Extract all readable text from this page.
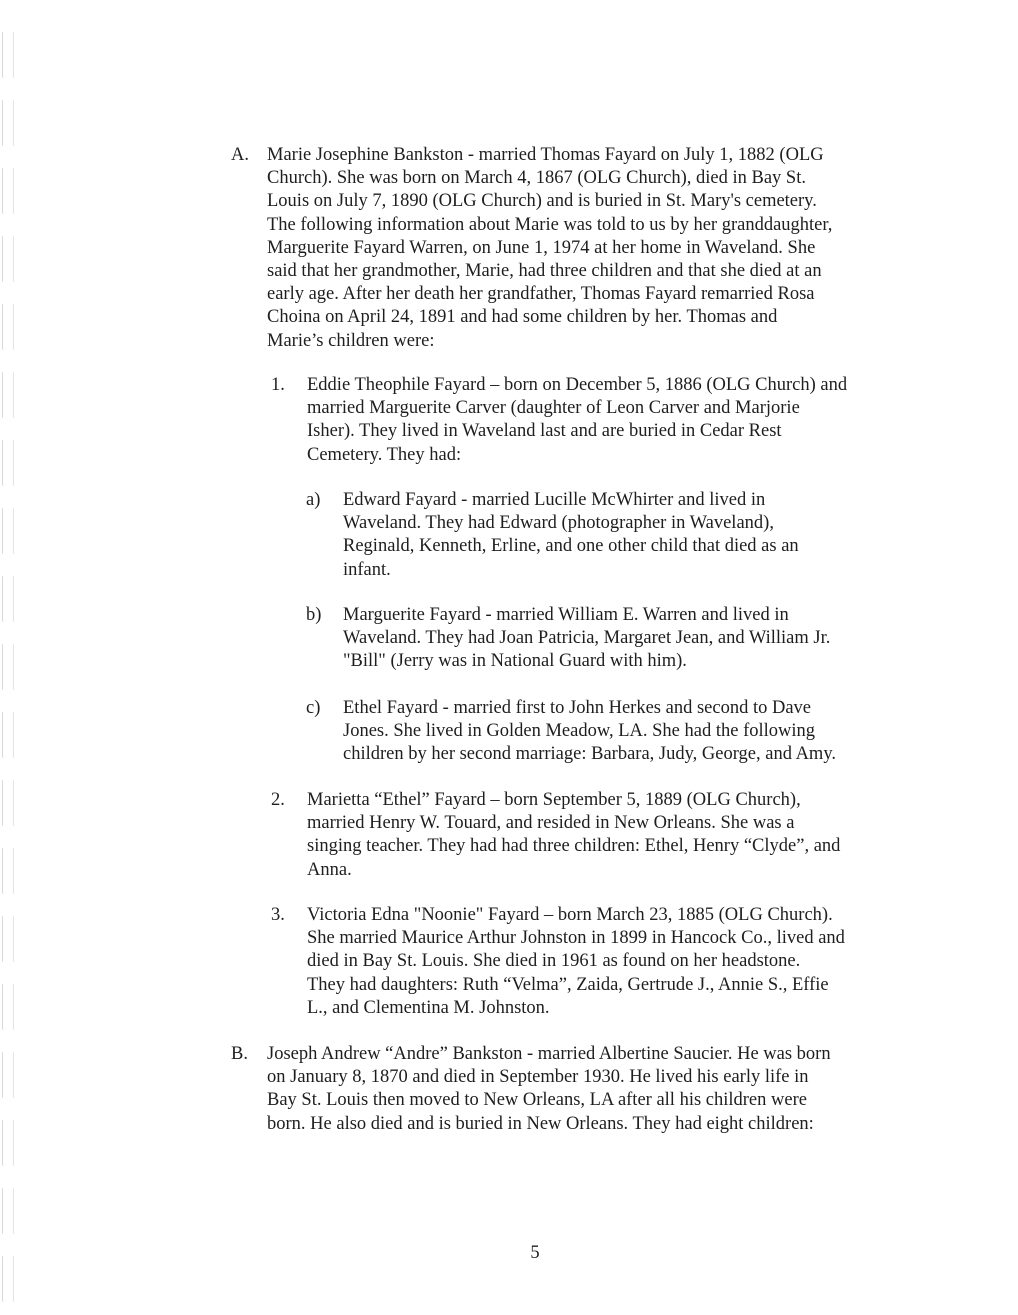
A. Marie Josephine Bankston - married Thomas Fayard on July 1, 1882 (OLG
Church). She was born on March 4, 1867 (OLG Church), died in Bay St.
Louis on July 7, 1890 (OLG Church) and is buried in St. Mary's cemetery.
The following information about Marie was told to us by her granddaughter,
Marguerite Fayard Warren, on June 1, 1974 at her home in Waveland. She
said that her grandmother, Marie, had three children and that she died at an
early age. After her death her grandfather, Thomas Fayard remarried Rosa
Choina on April 24, 1891 and had some children by her. Thomas and
Marie’s children were:
1. Eddie Theophile Fayard – born on December 5, 1886 (OLG Church) and
married Marguerite Carver (daughter of Leon Carver and Marjorie
Isher). They lived in Waveland last and are buried in Cedar Rest
Cemetery. They had:
a) Edward Fayard - married Lucille McWhirter and lived in
Waveland. They had Edward (photographer in Waveland),
Reginald, Kenneth, Erline, and one other child that died as an
infant.
b) Marguerite Fayard - married William E. Warren and lived in
Waveland. They had Joan Patricia, Margaret Jean, and William Jr.
"Bill" (Jerry was in National Guard with him).
c) Ethel Fayard - married first to John Herkes and second to Dave
Jones. She lived in Golden Meadow, LA. She had the following
children by her second marriage: Barbara, Judy, George, and Amy.
2. Marietta “Ethel” Fayard – born September 5, 1889 (OLG Church),
married Henry W. Touard, and resided in New Orleans. She was a
singing teacher. They had had three children: Ethel, Henry “Clyde”, and
Anna.
3. Victoria Edna "Noonie" Fayard – born March 23, 1885 (OLG Church).
She married Maurice Arthur Johnston in 1899 in Hancock Co., lived and
died in Bay St. Louis. She died in 1961 as found on her headstone.
They had daughters: Ruth “Velma”, Zaida, Gertrude J., Annie S., Effie
L., and Clementina M. Johnston.
B. Joseph Andrew “Andre” Bankston - married Albertine Saucier. He was born
on January 8, 1870 and died in September 1930. He lived his early life in
Bay St. Louis then moved to New Orleans, LA after all his children were
born. He also died and is buried in New Orleans. They had eight children:
5
